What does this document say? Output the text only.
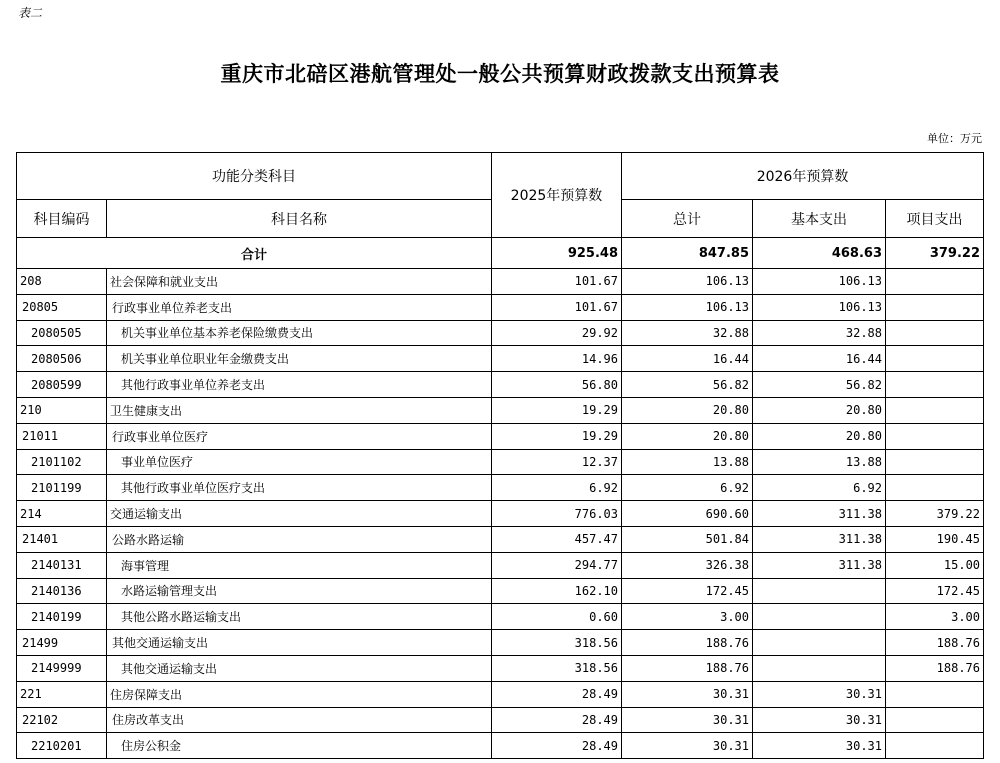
表二
重庆市北碚区港航管理处一般公共预算财政拨款支出预算表
单位：万元
功能分类科目		2025年预算数	2026年预算数		
科目编码	科目名称		总计	基本支出	项目支出
合计		925.48	847.85	468.63	379.22
208	社会保障和就业支出	101.67	106.13	106.13	
20805	行政事业单位养老支出	101.67	106.13	106.13	
2080505	机关事业单位基本养老保险缴费支出	29.92	32.88	32.88	
2080506	机关事业单位职业年金缴费支出	14.96	16.44	16.44	
2080599	其他行政事业单位养老支出	56.80	56.82	56.82	
210	卫生健康支出	19.29	20.80	20.80	
21011	行政事业单位医疗	19.29	20.80	20.80	
2101102	事业单位医疗	12.37	13.88	13.88	
2101199	其他行政事业单位医疗支出	6.92	6.92	6.92	
214	交通运输支出	776.03	690.60	311.38	379.22
21401	公路水路运输	457.47	501.84	311.38	190.45
2140131	海事管理	294.77	326.38	311.38	15.00
2140136	水路运输管理支出	162.10	172.45		172.45
2140199	其他公路水路运输支出	0.60	3.00		3.00
21499	其他交通运输支出	318.56	188.76		188.76
2149999	其他交通运输支出	318.56	188.76		188.76
221	住房保障支出	28.49	30.31	30.31	
22102	住房改革支出	28.49	30.31	30.31	
2210201	住房公积金	28.49	30.31	30.31	
